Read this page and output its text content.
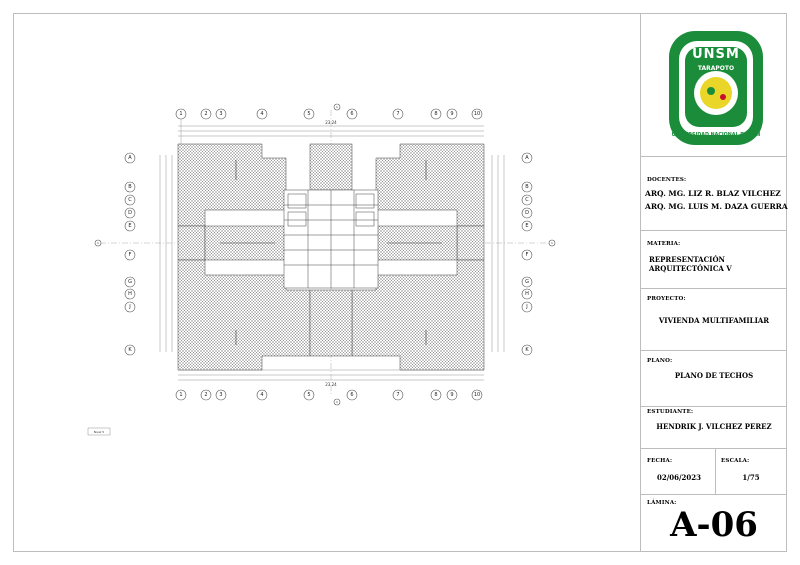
23.24
23.24
1	2 3	4	5	6	7	8	9	10
1
1	2 3	4	5	6	7	8	9	10
1
A
B
C
D
E
F
G
H
J
K
1
A
B
C
D
E
F
G
H
J
K
1
Nivel 5
UNSM
TARAPOTO
UNIVERSIDAD NACIONAL DE SAN MARTIN
DOCENTES:
ARQ. MG. LIZ R. BLAZ VILCHEZ
ARQ. MG. LUIS M. DAZA GUERRA
MATERIA:
REPRESENTACIÓN
ARQUITECTÓNICA V
PROYECTO:
VIVIENDA MULTIFAMILIAR
PLANO:
PLANO DE TECHOS
ESTUDIANTE:
HENDRIK J. VILCHEZ PEREZ
FECHA:
02/06/2023
ESCALA:
1/75
LÁMINA:
A-06
